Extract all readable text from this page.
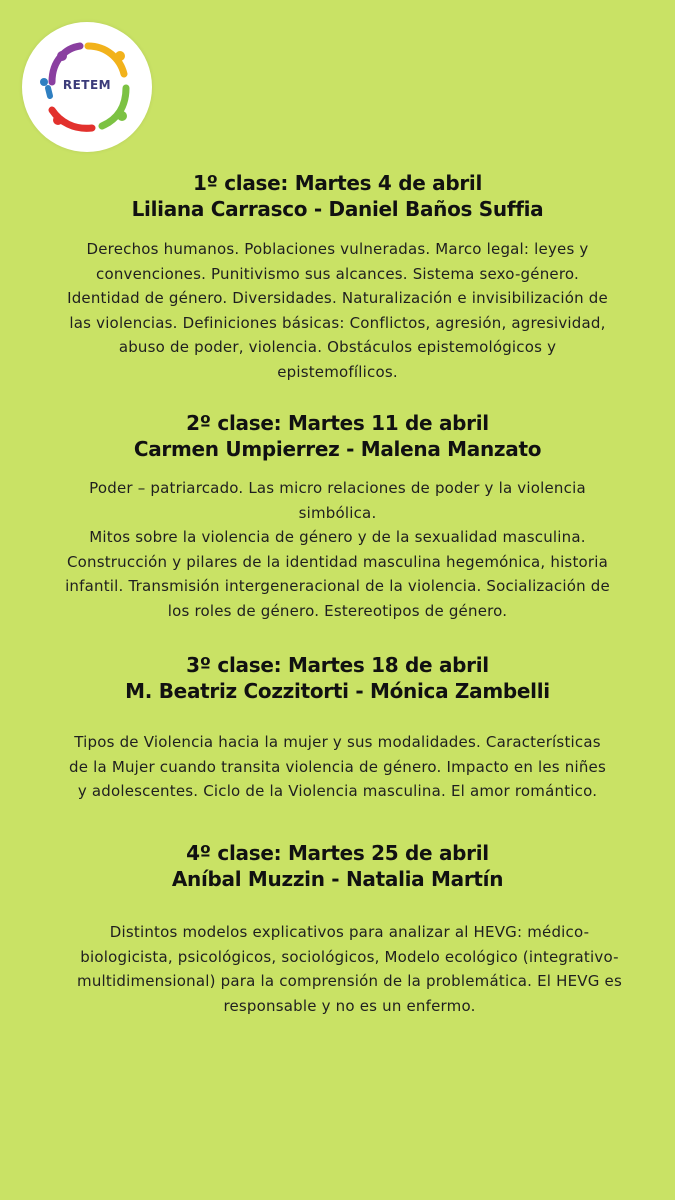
RETEM
1º clase: Martes 4 de abril
Liliana Carrasco - Daniel Baños Suffia
Derechos humanos. Poblaciones vulneradas. Marco legal: leyes y
convenciones. Punitivismo sus alcances. Sistema sexo-género.
Identidad de género. Diversidades. Naturalización e invisibilización de
las violencias. Definiciones básicas: Conflictos, agresión, agresividad,
abuso de poder, violencia. Obstáculos epistemológicos y
epistemofílicos.
2º clase: Martes 11 de abril
Carmen Umpierrez - Malena Manzato
Poder – patriarcado. Las micro relaciones de poder y la violencia
simbólica.
Mitos sobre la violencia de género y de la sexualidad masculina.
Construcción y pilares de la identidad masculina hegemónica, historia
infantil. Transmisión intergeneracional de la violencia. Socialización de
los roles de género. Estereotipos de género.
3º clase: Martes 18 de abril
M. Beatriz Cozzitorti - Mónica Zambelli
Tipos de Violencia hacia la mujer y sus modalidades. Características
de la Mujer cuando transita violencia de género. Impacto en les niñes
y adolescentes. Ciclo de la Violencia masculina. El amor romántico.
4º clase: Martes 25 de abril
Aníbal Muzzin - Natalia Martín
Distintos modelos explicativos para analizar al HEVG: médico-
biologicista, psicológicos, sociológicos, Modelo ecológico (integrativo-
multidimensional) para la comprensión de la problemática. El HEVG es
responsable y no es un enfermo.
